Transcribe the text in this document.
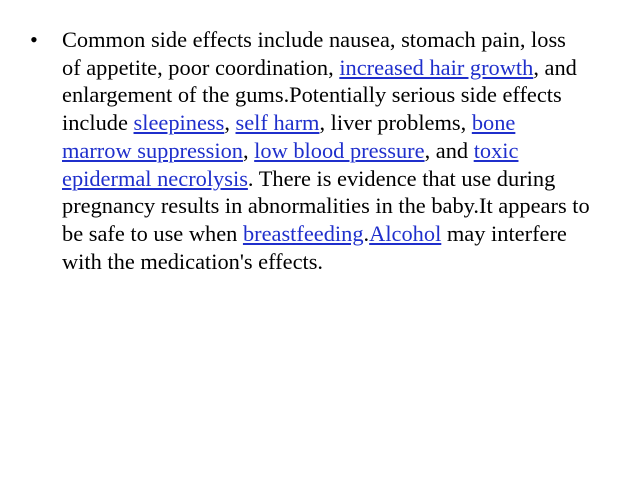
• Common side effects include nausea, stomach pain, loss of appetite, poor coordination, increased hair growth, and enlargement of the gums.Potentially serious side effects include sleepiness, self harm, liver problems, bone marrow suppression, low blood pressure, and toxic epidermal necrolysis. There is evidence that use during pregnancy results in abnormalities in the baby.It appears to be safe to use when breastfeeding.Alcohol may interfere with the medication's effects.
